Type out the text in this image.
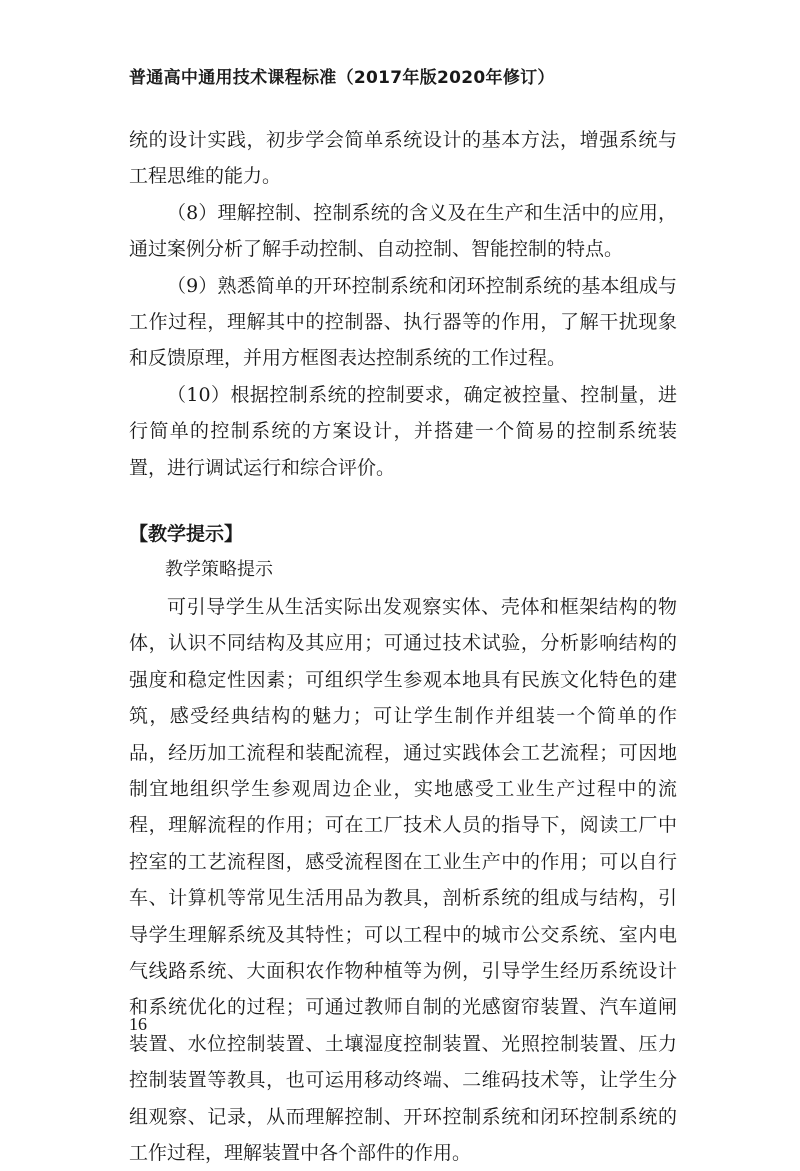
普通高中通用技术课程标准（2017年版2020年修订）

统的设计实践，初步学会简单系统设计的基本方法，增强系统与工程思维的能力。

（8）理解控制、控制系统的含义及在生产和生活中的应用，通过案例分析了解手动控制、自动控制、智能控制的特点。

（9）熟悉简单的开环控制系统和闭环控制系统的基本组成与工作过程，理解其中的控制器、执行器等的作用，了解干扰现象和反馈原理，并用方框图表达控制系统的工作过程。

（10）根据控制系统的控制要求，确定被控量、控制量，进行简单的控制系统的方案设计，并搭建一个简易的控制系统装置，进行调试运行和综合评价。

【教学提示】

教学策略提示

可引导学生从生活实际出发观察实体、壳体和框架结构的物体，认识不同结构及其应用；可通过技术试验，分析影响结构的强度和稳定性因素；可组织学生参观本地具有民族文化特色的建筑，感受经典结构的魅力；可让学生制作并组装一个简单的作品，经历加工流程和装配流程，通过实践体会工艺流程；可因地制宜地组织学生参观周边企业，实地感受工业生产过程中的流程，理解流程的作用；可在工厂技术人员的指导下，阅读工厂中控室的工艺流程图，感受流程图在工业生产中的作用；可以自行车、计算机等常见生活用品为教具，剖析系统的组成与结构，引导学生理解系统及其特性；可以工程中的城市公交系统、室内电气线路系统、大面积农作物种植等为例，引导学生经历系统设计和系统优化的过程；可通过教师自制的光感窗帘装置、汽车道闸装置、水位控制装置、土壤湿度控制装置、光照控制装置、压力控制装置等教具，也可运用移动终端、二维码技术等，让学生分组观察、记录，从而理解控制、开环控制系统和闭环控制系统的工作过程，理解装置中各个部件的作用。

16
